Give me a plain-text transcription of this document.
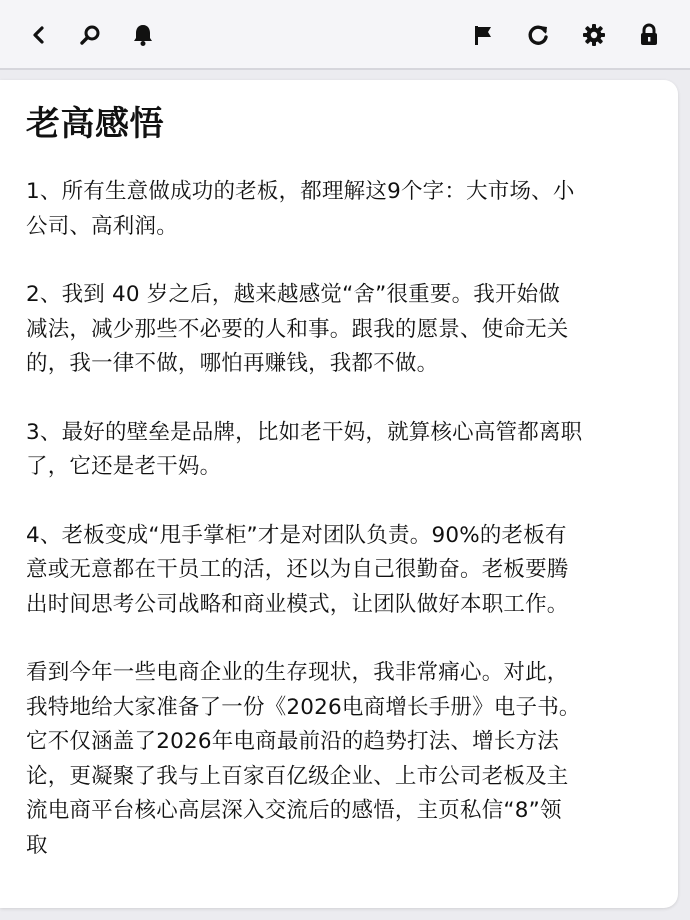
老高感悟

1、所有生意做成功的老板，都理解这9个字：大市场、小
公司、高利润。

2、我到 40 岁之后，越来越感觉“舍”很重要。我开始做
减法，减少那些不必要的人和事。跟我的愿景、使命无关
的，我一律不做，哪怕再赚钱，我都不做。

3、最好的壁垒是品牌，比如老干妈，就算核心高管都离职
了，它还是老干妈。

4、老板变成“甩手掌柜”才是对团队负责。90%的老板有
意或无意都在干员工的活，还以为自己很勤奋。老板要腾
出时间思考公司战略和商业模式，让团队做好本职工作。

看到今年一些电商企业的生存现状，我非常痛心。对此，
我特地给大家准备了一份《2026电商增长手册》电子书。
它不仅涵盖了2026年电商最前沿的趋势打法、增长方法
论，更凝聚了我与上百家百亿级企业、上市公司老板及主
流电商平台核心高层深入交流后的感悟，主页私信“8”领
取
